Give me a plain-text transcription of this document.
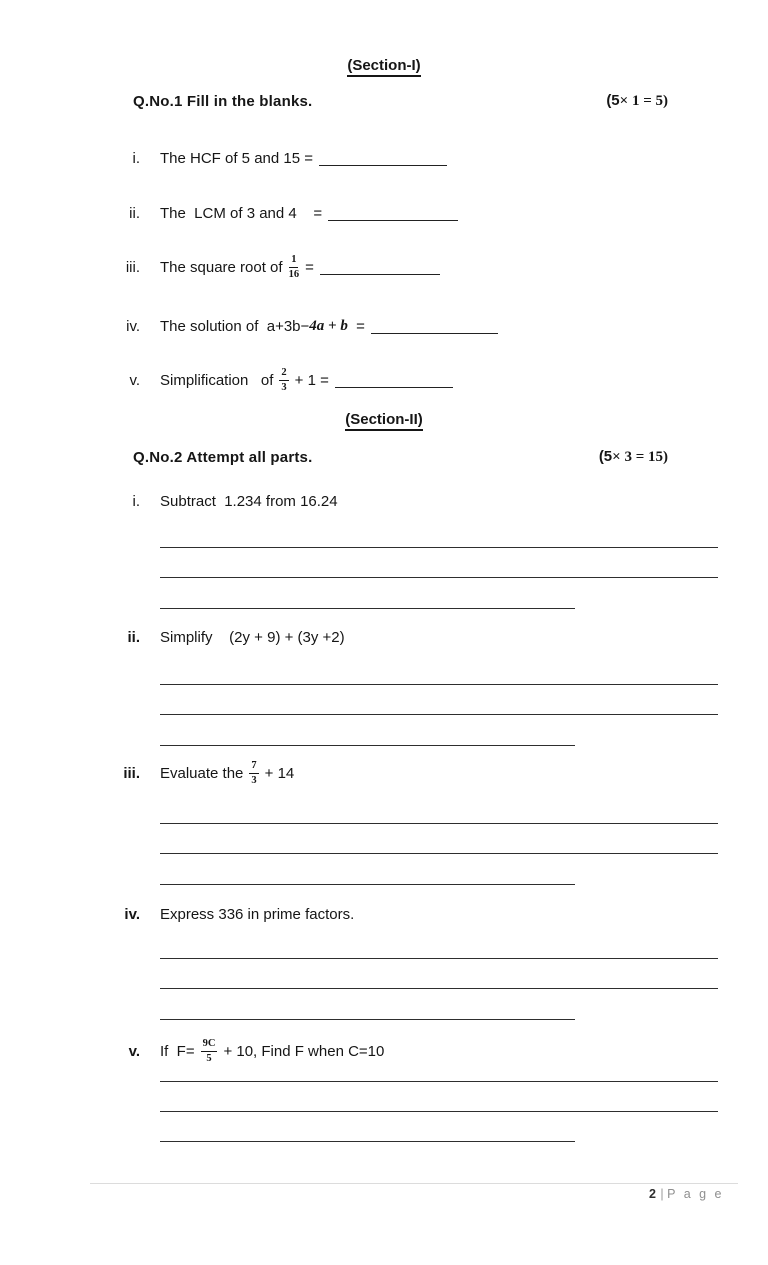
(Section-I)
Q.No.1 Fill in the blanks.	(5× 1 = 5)
i. The HCF of 5 and 15 =
ii. The  LCM of 3 and 4    =
iii. The square root of $\frac{1}{16}$ =
iv. The solution of  a+3b− 4a + b =
v. Simplification   of $\frac{2}{3} + 1$ =
(Section-II)
Q.No.2 Attempt all parts.	(5× 3 = 15)
i. Subtract  1.234 from 16.24
ii. Simplify    (2y + 9) + (3y +2)
iii. Evaluate the $\frac{7}{3} + 14$
iv. Express 336 in prime factors.
v. If  $F= \frac{9C}{5} + 10$, Find F when C=10
2 | P a g e
